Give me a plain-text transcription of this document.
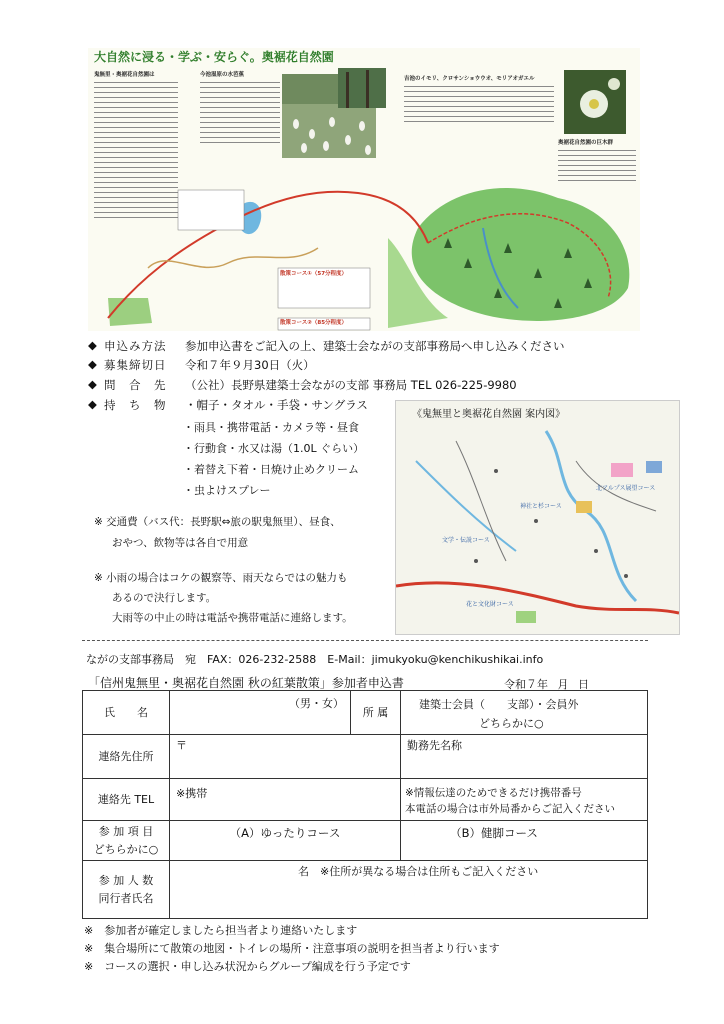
大自然に浸る・学ぶ・安らぐ。奥裾花自然園
鬼無里・奥裾花自然園は	今池湿原の水芭蕉
吉池のイモリ、クロサンショウウオ、モリアオガエル
奥裾花自然園の巨木群
散策コース①（57分程度）
散策コース②（85分程度）
◆ 申込み方法 参加申込書をご記入の上、建築士会ながの支部事務局へ申し込みください
◆ 募集締切日 令和７年９月30日（火）
◆ 問　合　先 （公社）長野県建築士会ながの支部 事務局 TEL 026-225-9980
◆ 持　ち　物 ・帽子・タオル・手袋・サングラス
・雨具・携帯電話・カメラ等・昼食
・行動食・水又は湯（1.0L ぐらい）
・着替え下着・日焼け止めクリーム
・虫よけスプレー
※ 交通費（バス代：長野駅⇔旅の駅鬼無里）、昼食、
おやつ、飲物等は各自で用意
※ 小雨の場合はコケの観察等、雨天ならではの魅力も
あるので決行します。
大雨等の中止の時は電話や携帯電話に連絡します。
《鬼無里と奥裾花自然園 案内図》
文学・伝説コース
神社と杉コース
北アルプス展望コース
花と文化財コース
ながの支部事務局　宛　FAX：026-232-2588　E-Mail：jimukyoku@kenchikushikai.info
「信州鬼無里・奥裾花自然園 秋の紅葉散策」参加者申込書	令和７年 月 日
氏　　名	（男・女）	所 属	建築士会員（　　支部）・会員外
どちらかに○

連絡先住所	〒		勤務先名称
連絡先 TEL	※携帯		※情報伝達のためできるだけ携帯番号
本電話の場合は市外局番からご記入ください

参 加 項 目
どちらかに○	（A）ゆったりコース		（B）健脚コース

参 加 人 数
同行者氏名	名　※住所が異なる場合は住所もご記入ください		
※　参加者が確定しましたら担当者より連絡いたします
※　集合場所にて散策の地図・トイレの場所・注意事項の説明を担当者より行います
※　コースの選択・申し込み状況からグループ編成を行う予定です
